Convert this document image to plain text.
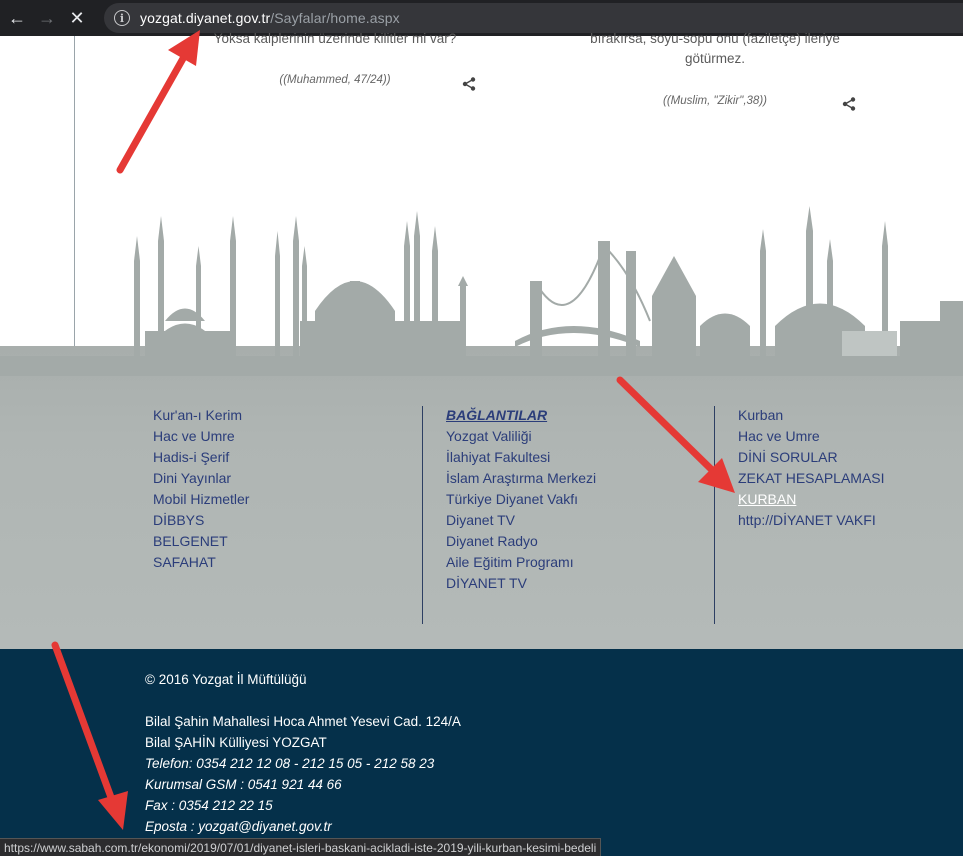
← → ✕	i	yozgat.diyanet.gov.tr/Sayfalar/home.aspx
Yoksa kalplerinin üzerinde kilitler mi var?
((Muhammed, 47/24))
bırakırsa, soyu-sopu onu (faziletçe) ileriye
götürmez.
((Muslim, "Zikir",38))
Kur'an-ı Kerim
Hac ve Umre
Hadis-i Şerif
Dini Yayınlar
Mobil Hizmetler
DİBBYS
BELGENET
SAFAHAT
BAĞLANTILAR
Yozgat Valiliği
İlahiyat Fakultesi
İslam Araştırma Merkezi
Türkiye Diyanet Vakfı
Diyanet TV
Diyanet Radyo
Aile Eğitim Programı
DİYANET TV
Kurban
Hac ve Umre
DİNİ SORULAR
ZEKAT HESAPLAMASI
KURBAN
http://DİYANET VAKFI
© 2016 Yozgat İl Müftülüğü
Bilal Şahin Mahallesi Hoca Ahmet Yesevi Cad. 124/A
Bilal ŞAHİN Külliyesi YOZGAT
Telefon: 0354 212 12 08 - 212 15 05 - 212 58 23
Kurumsal GSM : 0541 921 44 66
Fax : 0354 212 22 15
Eposta : yozgat@diyanet.gov.tr
https://www.sabah.com.tr/ekonomi/2019/07/01/diyanet-isleri-baskani-acikladi-iste-2019-yili-kurban-kesimi-bedeli
